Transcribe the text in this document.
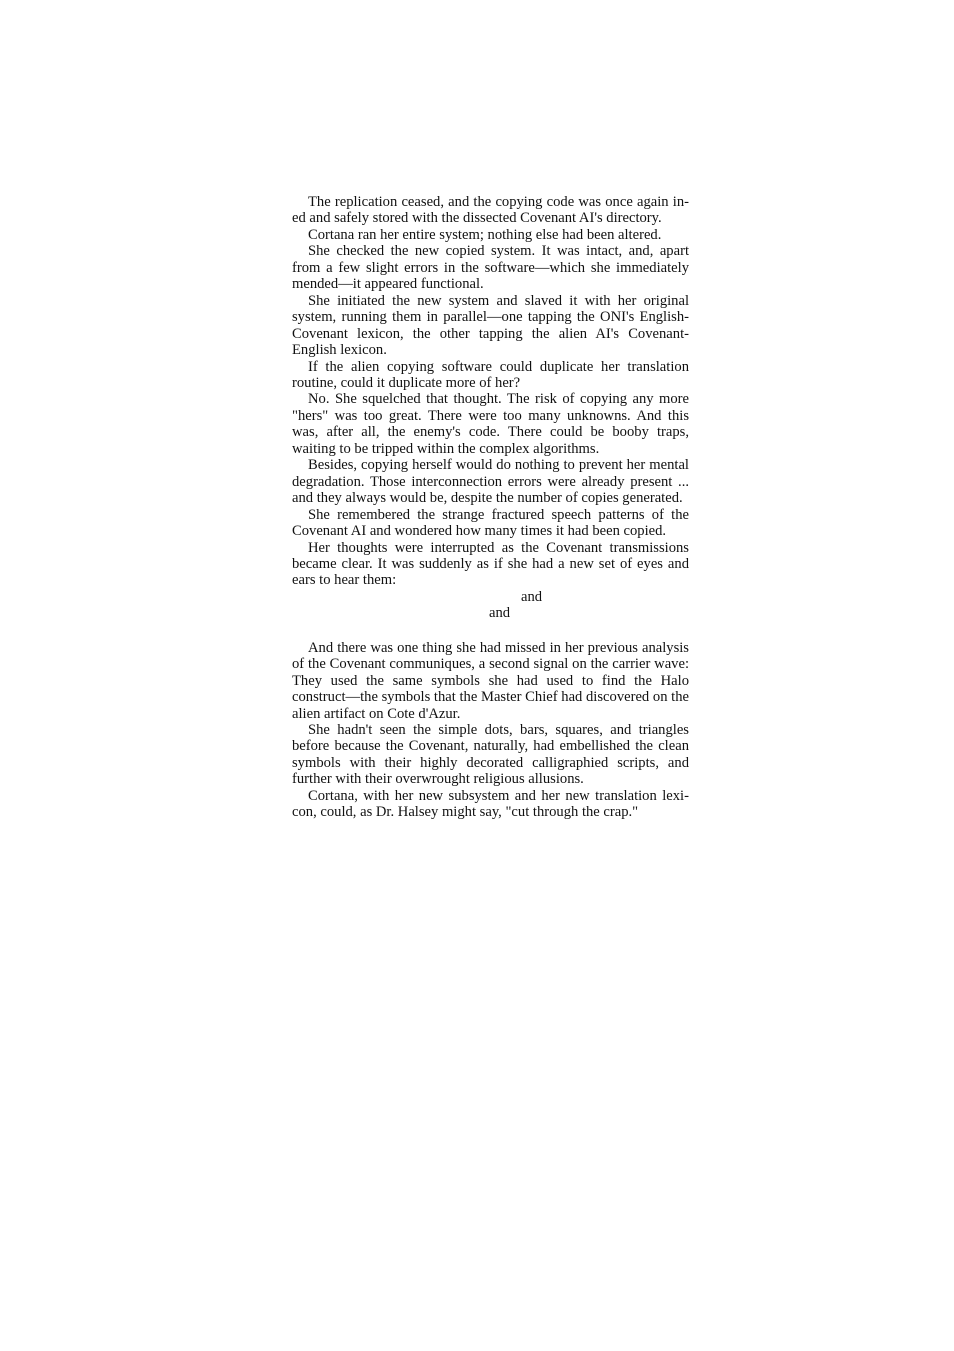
The replication ceased, and the copying code was once again ined and safely stored with the dissected Covenant AI's directory.

Cortana ran her entire system; nothing else had been altered.

She checked the new copied system. It was intact, and, apart from a few slight errors in the software—which she immediately mended—it appeared functional.

She initiated the new system and slaved it with her original system, running them in parallel—one tapping the ONI's English-Covenant lexicon, the other tapping the alien AI's Covenant-English lexicon.

If the alien copying software could duplicate her translation routine, could it duplicate more of her?

No. She squelched that thought. The risk of copying any more "hers" was too great. There were too many unknowns. And this was, after all, the enemy's code. There could be booby traps, waiting to be tripped within the complex algorithms.

Besides, copying herself would do nothing to prevent her mental degradation. Those interconnection errors were already present ... and they always would be, despite the number of copies generated.

She remembered the strange fractured speech patterns of the Covenant AI and wondered how many times it had been copied.

Her thoughts were interrupted as the Covenant transmissions became clear. It was suddenly as if she had a new set of eyes and ears to hear them:

and
and

And there was one thing she had missed in her previous analysis of the Covenant communiques, a second signal on the carrier wave: They used the same symbols she had used to find the Halo construct—the symbols that the Master Chief had discovered on the alien artifact on Cote d'Azur.

She hadn't seen the simple dots, bars, squares, and triangles before because the Covenant, naturally, had embellished the clean symbols with their highly decorated calligraphied scripts, and further with their overwrought religious allusions.

Cortana, with her new subsystem and her new translation lexicon, could, as Dr. Halsey might say, "cut through the crap."
